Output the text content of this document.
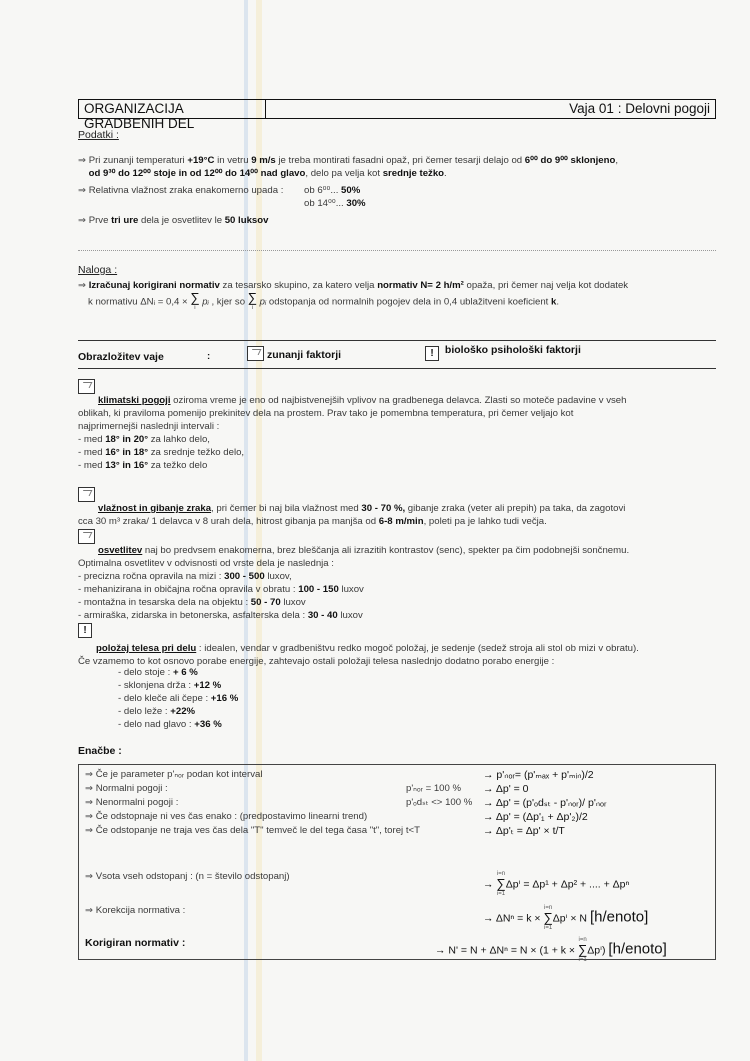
ORGANIZACIJA GRADBENIH DEL
Vaja 01 : Delovni pogoji
Podatki :
⇒ Pri zunanji temperaturi +19°C in vetru 9 m/s je treba montirati fasadni opaž, pri čemer tesarji delajo od 6⁰⁰ do 9⁰⁰ sklonjeno,
od 9³⁰ do 12⁰⁰ stoje in od 12⁰⁰ do 14⁰⁰ nad glavo, delo pa velja kot srednje težko.
⇒ Relativna vlažnost zraka enakomerno upada : ob 6⁰⁰... 50%
ob 14⁰⁰... 30%
⇒ Prve tri ure dela je osvetlitev le 50 luksov
Naloga :
⇒ Izračunaj korigirani normativ za tesarsko skupino, za katero velja normativ N= 2 h/m² opaža, pri čemer naj velja kot dodatek
k normativu ΔNᵢ = 0,4 × ∑
i pᵢ , kjer so ∑
i pᵢ odstopanja od normalnih pogojev dela in 0,4 ublažitveni koeficient k.
Obrazložitev vaje	:	zunanji faktorji	! biološko psihološki faktorji
klimatski pogoji oziroma vreme je eno od najbistvenejših vplivov na gradbenega delavca. Zlasti so moteče padavine v vseh
oblikah, ki praviloma pomenijo prekinitev dela na prostem. Prav tako je pomembna temperatura, pri čemer veljajo kot
najprimernejši naslednji intervali :
- med 18° in 20° za lahko delo,
- med 16° in 18° za srednje težko delo,
- med 13° in 16° za težko delo
vlažnost in gibanje zraka, pri čemer bi naj bila vlažnost med 30 - 70 %, gibanje zraka (veter ali prepih) pa taka, da zagotovi
cca 30 m³ zraka/ 1 delavca v 8 urah dela, hitrost gibanja pa manjša od 6-8 m/min, poleti pa je lahko tudi večja.
osvetlitev naj bo predvsem enakomerna, brez bleščanja ali izrazitih kontrastov (senc), spekter pa čim podobnejši sončnemu.
Optimalna osvetlitev v odvisnosti od vrste dela je naslednja :
- precizna ročna opravila na mizi : 300 - 500 luxov,
- mehanizirana in običajna ročna opravila v obratu : 100 - 150 luxov
- montažna in tesarska dela na objektu : 50 - 70 luxov
- armiraška, zidarska in betonerska, asfalterska dela : 30 - 40 luxov
!
položaj telesa pri delu : idealen, vendar v gradbeništvu redko mogoč položaj, je sedenje (sedež stroja ali stol ob mizi v obratu).
Če vzamemo to kot osnovo porabe energije, zahtevajo ostali položaji telesa naslednjo dodatno porabo energije :
- delo stoje : + 6 %
- sklonjena drža : +12 %
- delo kleče ali čepe : +16 %
- delo leže : +22%
- delo nad glavo : +36 %
Enačbe :
⇒ Če je parameter p'ₙₒᵣ podan kot interval	→ p'ₙₒᵣ= (p'ₘₐₓ + p'ₘᵢₙ)/2
⇒ Normalni pogoji :	p'ₙₒᵣ = 100 % → Δp' = 0
⇒ Nenormalni pogoji :	p'ₒdₛₜ <> 100 % → Δp' = (p'ₒdₛₜ - p'ₙₒᵣ)/ p'ₙₒᵣ
⇒ Če odstopnaje ni ves čas enako : (predpostavimo linearni trend)	→ Δp' = (Δp'₁ + Δp'₂)/2
⇒ Če odstopanje ne traja ves čas dela "T" temveč le del tega časa "t", torej t<T	→ Δp'ₜ = Δp' × t/T
⇒ Vsota vseh odstopanj : (n = število odstopanj)
→ i=n
∑
i=1Δpⁱ = Δp¹ + Δp² + .... + Δpⁿ
⇒ Korekcija normativa :
→ ΔNⁿ = k × i=n
∑
i=1Δpⁱ × N [h/enoto]
Korigiran normativ :
→ N' = N + ΔNⁿ = N × (1 + k × i=n
∑
i=1Δpⁱ) [h/enoto]
